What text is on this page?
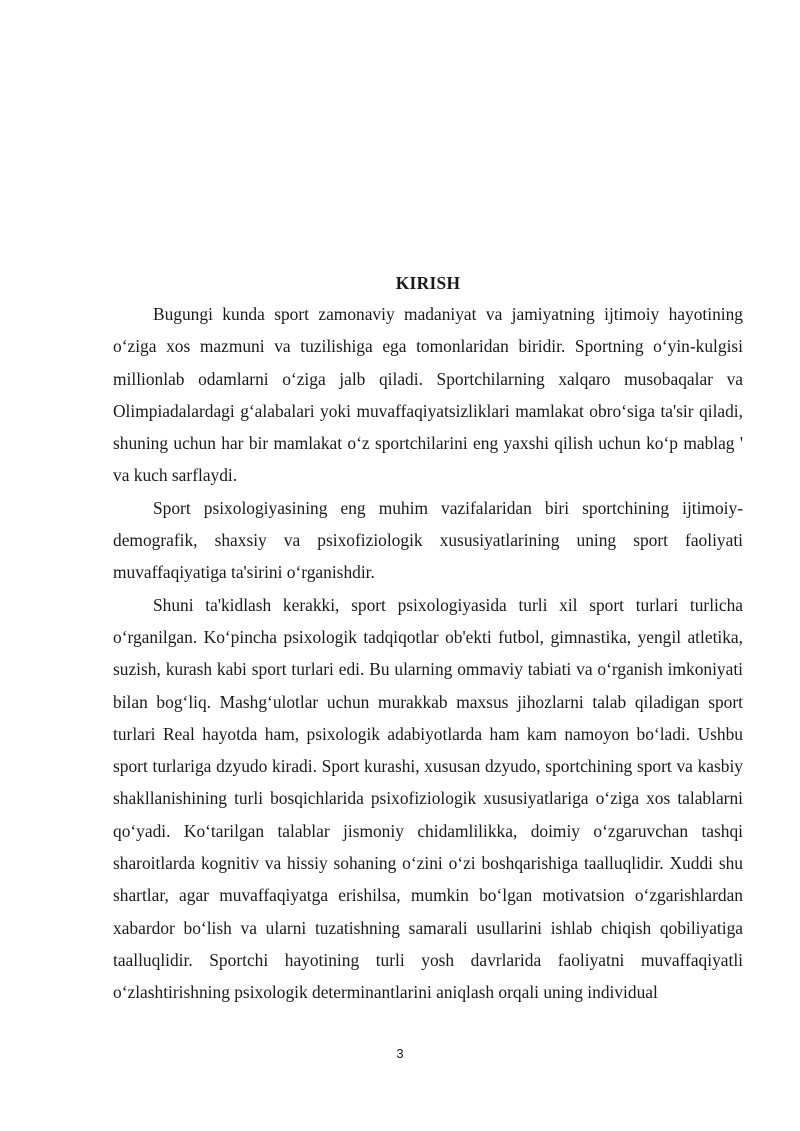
KIRISH

Bugungi kunda sport zamonaviy madaniyat va jamiyatning ijtimoiy hayotining o‘ziga xos mazmuni va tuzilishiga ega tomonlaridan biridir. Sportning o‘yin-kulgisi millionlab odamlarni o‘ziga jalb qiladi. Sportchilarning xalqaro musobaqalar va Olimpiadalardagi g‘alabalari yoki muvaffaqiyatsizliklari mamlakat obro‘siga ta'sir qiladi, shuning uchun har bir mamlakat o‘z sportchilarini eng yaxshi qilish uchun ko‘p mablag ' va kuch sarflaydi.

Sport psixologiyasining eng muhim vazifalaridan biri sportchining ijtimoiy-demografik, shaxsiy va psixofiziologik xususiyatlarining uning sport faoliyati muvaffaqiyatiga ta'sirini o‘rganishdir.

Shuni ta'kidlash kerakki, sport psixologiyasida turli xil sport turlari turlicha o‘rganilgan. Ko‘pincha psixologik tadqiqotlar ob'ekti futbol, gimnastika, yengil atletika, suzish, kurash kabi sport turlari edi. Bu ularning ommaviy tabiati va o‘rganish imkoniyati bilan bog‘liq. Mashg‘ulotlar uchun murakkab maxsus jihozlarni talab qiladigan sport turlari Real hayotda ham, psixologik adabiyotlarda ham kam namoyon bo‘ladi. Ushbu sport turlariga dzyudo kiradi. Sport kurashi, xususan dzyudo, sportchining sport va kasbiy shakllanishining turli bosqichlarida psixofiziologik xususiyatlariga o‘ziga xos talablarni qo‘yadi. Ko‘tarilgan talablar jismoniy chidamlilikka, doimiy o‘zgaruvchan tashqi sharoitlarda kognitiv va hissiy sohaning o‘zini o‘zi boshqarishiga taalluqlidir. Xuddi shu shartlar, agar muvaffaqiyatga erishilsa, mumkin bo‘lgan motivatsion o‘zgarishlardan xabardor bo‘lish va ularni tuzatishning samarali usullarini ishlab chiqish qobiliyatiga taalluqlidir. Sportchi hayotining turli yosh davrlarida faoliyatni muvaffaqiyatli o‘zlashtirishning psixologik determinantlarini aniqlash orqali uning individual

3
